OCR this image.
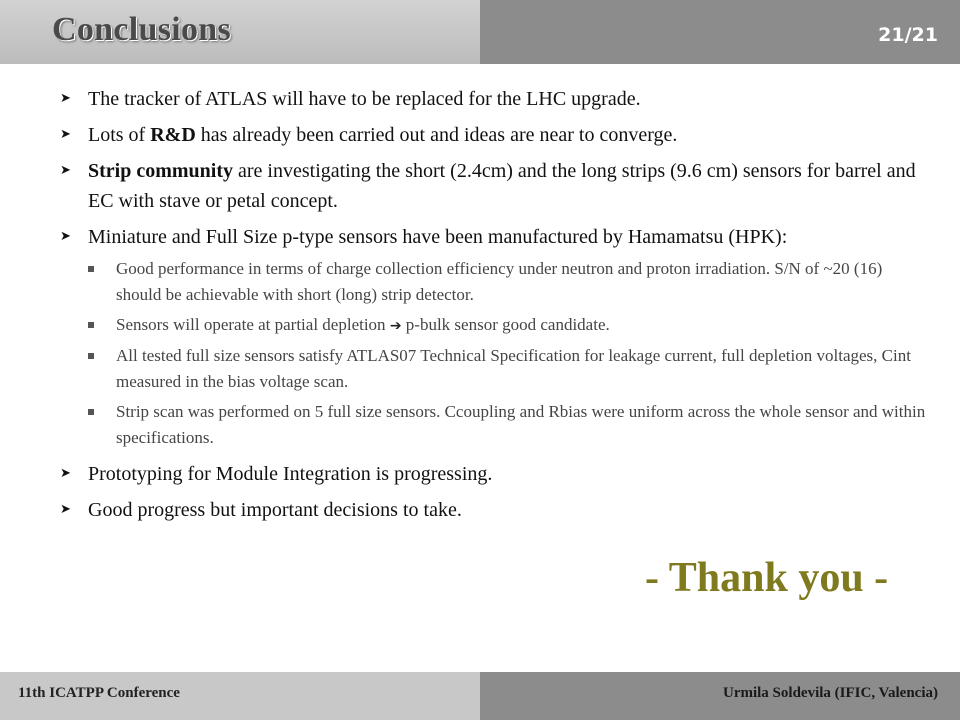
Conclusions	21/21
➤ The tracker of ATLAS will have to be replaced for the LHC upgrade.
➤ Lots of R&D has already been carried out and ideas are near to converge.
➤ Strip community are investigating the short (2.4cm) and the long strips (9.6 cm) sensors for barrel and EC with stave or petal concept.
➤ Miniature and Full Size p-type sensors have been manufactured by Hamamatsu (HPK):
Good performance in terms of charge collection efficiency under neutron and proton irradiation. S/N of ~20 (16) should be achievable with short (long) strip detector.
Sensors will operate at partial depletion ➔ p-bulk sensor good candidate.
All tested full size sensors satisfy ATLAS07 Technical Specification for leakage current, full depletion voltages, Cint measured in the bias voltage scan.
Strip scan was performed on 5 full size sensors. Ccoupling and Rbias were uniform across the whole sensor and within specifications.
➤ Prototyping for Module Integration is progressing.
➤ Good progress but important decisions to take.
- Thank you -
11th ICATPP Conference	Urmila Soldevila (IFIC, Valencia)
